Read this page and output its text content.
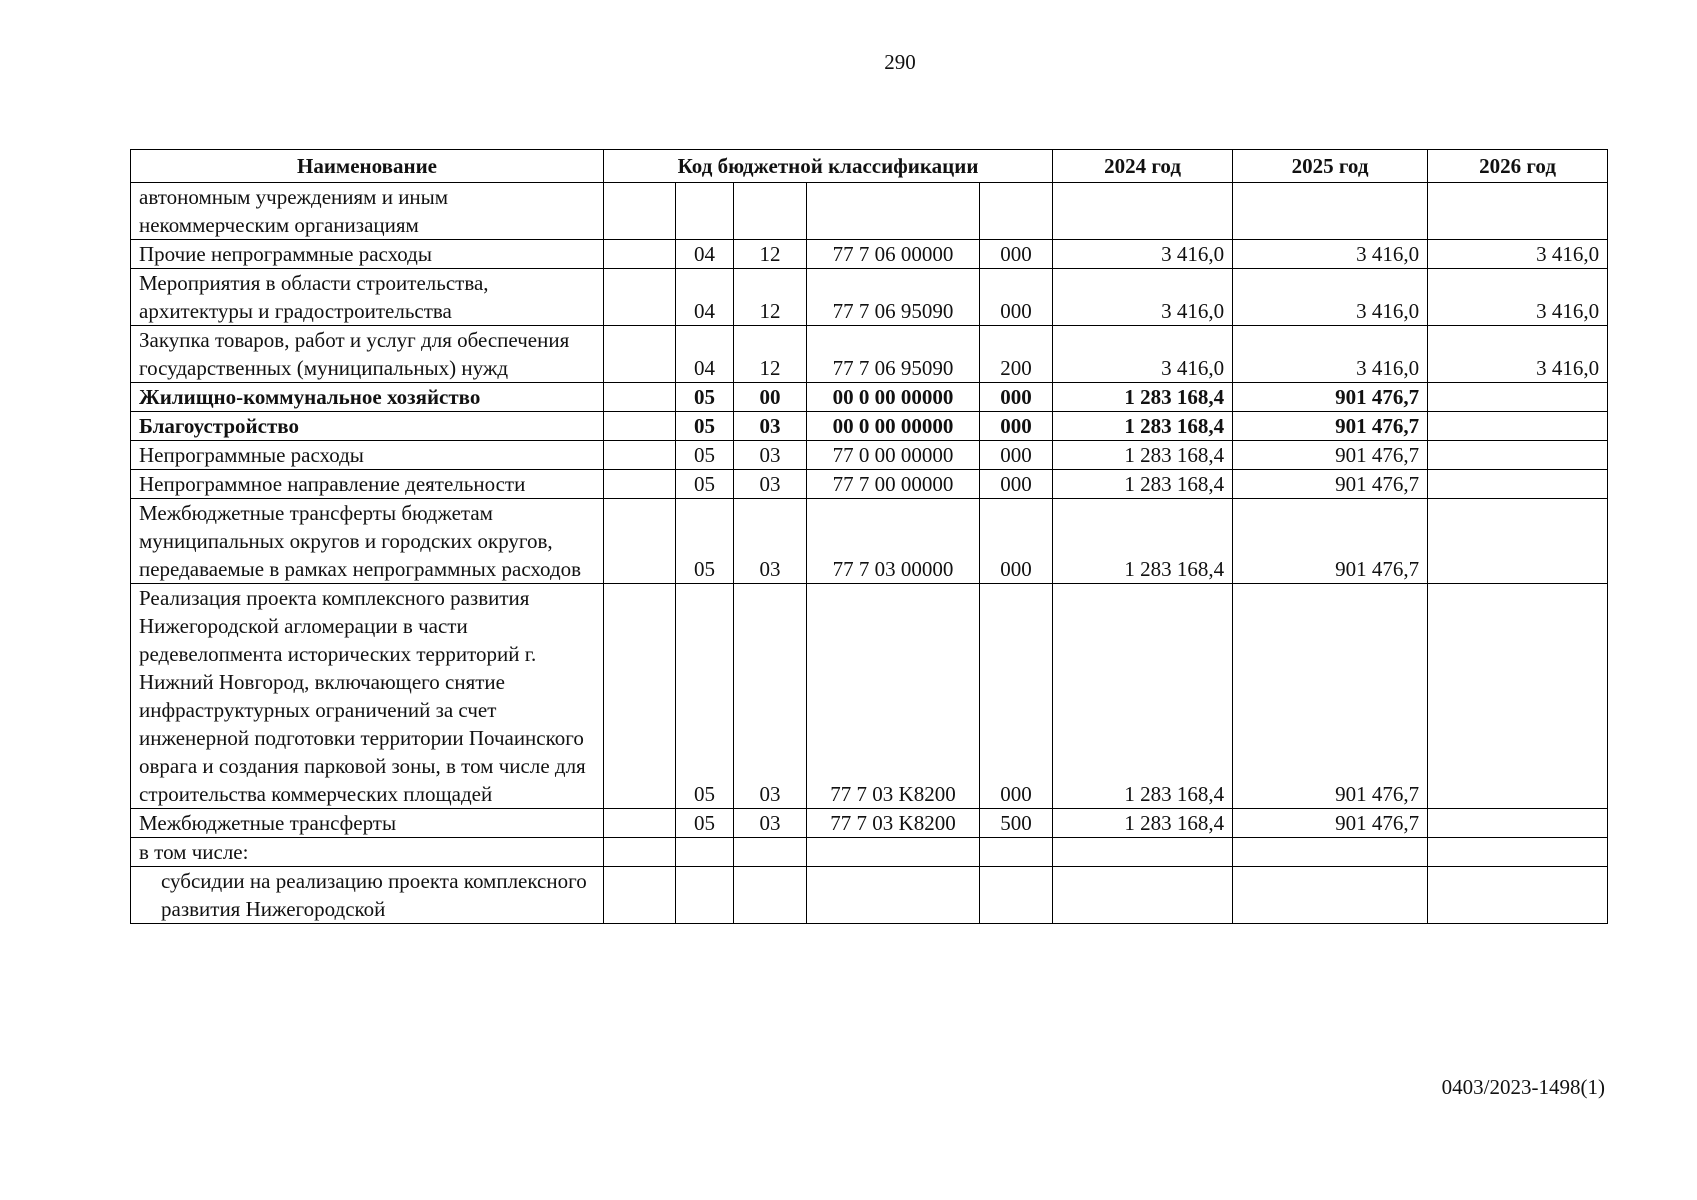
290
Наименование	Код бюджетной классификации					2024 год	2025 год	2026 год
автономным учреждениям и иным некоммерческим организациям								
Прочие непрограммные расходы		04	12	77 7 06 00000	000	3 416,0	3 416,0	3 416,0
Мероприятия в области строительства, архитектуры и градостроительства		04	12	77 7 06 95090	000	3 416,0	3 416,0	3 416,0
Закупка товаров, работ и услуг для обеспечения государственных (муниципальных) нужд		04	12	77 7 06 95090	200	3 416,0	3 416,0	3 416,0
Жилищно-коммунальное хозяйство		05	00	00 0 00 00000	000	1 283 168,4	901 476,7	
Благоустройство		05	03	00 0 00 00000	000	1 283 168,4	901 476,7	
Непрограммные расходы		05	03	77 0 00 00000	000	1 283 168,4	901 476,7	
Непрограммное направление деятельности		05	03	77 7 00 00000	000	1 283 168,4	901 476,7	
Межбюджетные трансферты бюджетам муниципальных округов и городских округов, передаваемые в рамках непрограммных расходов		05	03	77 7 03 00000	000	1 283 168,4	901 476,7	
Реализация проекта комплексного развития Нижегородской агломерации в части редевелопмента исторических территорий г. Нижний Новгород, включающего снятие инфраструктурных ограничений за счет инженерной подготовки территории Почаинского оврага и создания парковой зоны, в том числе для строительства коммерческих площадей		05	03	77 7 03 K8200	000	1 283 168,4	901 476,7	
Межбюджетные трансферты		05	03	77 7 03 K8200	500	1 283 168,4	901 476,7	
в том числе:								
субсидии на реализацию проекта комплексного развития Нижегородской								
0403/2023-1498(1)
